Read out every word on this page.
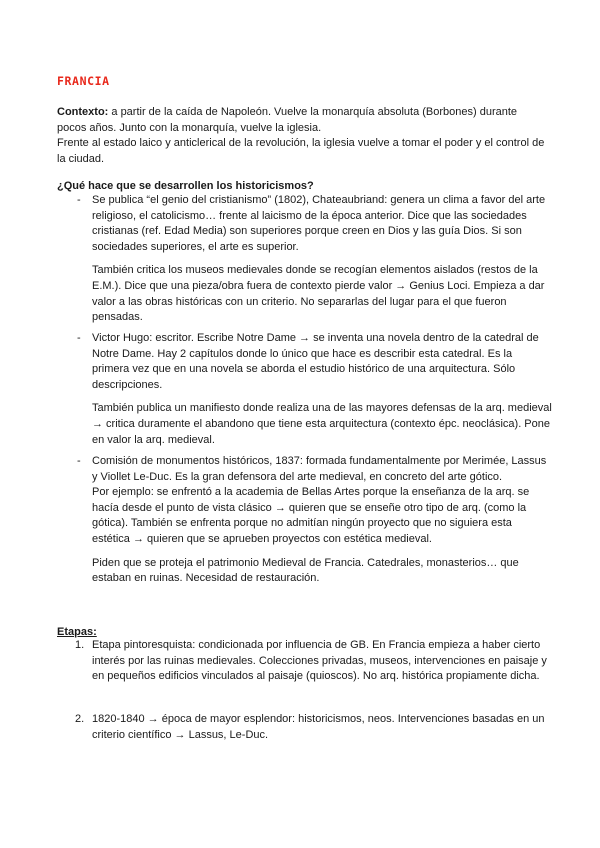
FRANCIA

Contexto: a partir de la caída de Napoleón. Vuelve la monarquía absoluta (Borbones) durante pocos años. Junto con la monarquía, vuelve la iglesia.

Frente al estado laico y anticlerical de la revolución, la iglesia vuelve a tomar el poder y el control de la ciudad.

¿Qué hace que se desarrollen los historicismos?
- Se publica “el genio del cristianismo” (1802), Chateaubriand: genera un clima a favor del arte religioso, el catolicismo… frente al laicismo de la época anterior. Dice que las sociedades cristianas (ref. Edad Media) son superiores porque creen en Dios y las guía Dios. Si son sociedades superiores, el arte es superior.

También critica los museos medievales donde se recogían elementos aislados (restos de la E.M.). Dice que una pieza/obra fuera de contexto pierde valor → Genius Loci. Empieza a dar valor a las obras históricas con un criterio. No separarlas del lugar para el que fueron pensadas.

- Victor Hugo: escritor. Escribe Notre Dame → se inventa una novela dentro de la catedral de Notre Dame. Hay 2 capítulos donde lo único que hace es describir esta catedral. Es la primera vez que en una novela se aborda el estudio histórico de una arquitectura. Sólo descripciones.

También publica un manifiesto donde realiza una de las mayores defensas de la arq. medieval → critica duramente el abandono que tiene esta arquitectura (contexto épc. neoclásica). Pone en valor la arq. medieval.

- Comisión de monumentos históricos, 1837: formada fundamentalmente por Merimée, Lassus y Viollet Le-Duc. Es la gran defensora del arte medieval, en concreto del arte gótico.

Por ejemplo: se enfrentó a la academia de Bellas Artes porque la enseñanza de la arq. se hacía desde el punto de vista clásico → quieren que se enseñe otro tipo de arq. (como la gótica). También se enfrenta porque no admitían ningún proyecto que no siguiera esta estética → quieren que se aprueben proyectos con estética medieval.

Piden que se proteja el patrimonio Medieval de Francia. Catedrales, monasterios… que estaban en ruinas. Necesidad de restauración.

Etapas:
1. Etapa pintoresquista: condicionada por influencia de GB. En Francia empieza a haber cierto interés por las ruinas medievales. Colecciones privadas, museos, intervenciones en paisaje y en pequeños edificios vinculados al paisaje (quioscos). No arq. histórica propiamente dicha.

2. 1820-1840 → época de mayor esplendor: historicismos, neos. Intervenciones basadas en un criterio científico → Lassus, Le-Duc.
